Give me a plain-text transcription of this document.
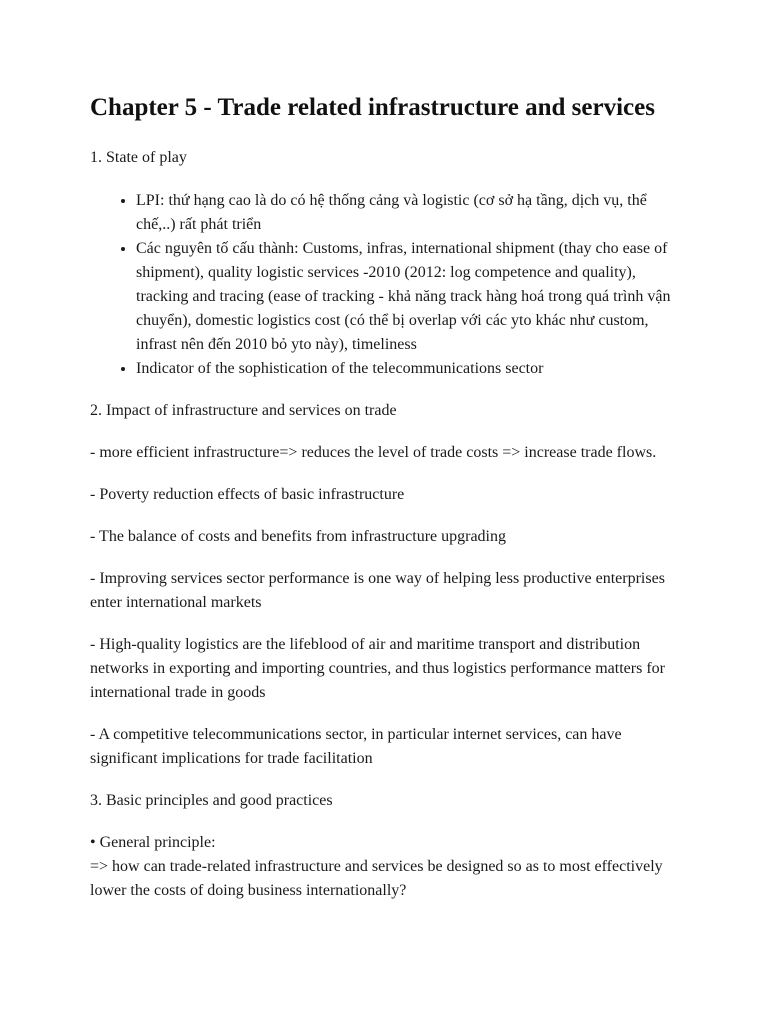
Chapter 5 - Trade related infrastructure and services

1. State of play

• LPI: thứ hạng cao là do có hệ thống cảng và logistic (cơ sở hạ tầng, dịch vụ, thể chế,..) rất phát triển
• Các nguyên tố cấu thành: Customs, infras, international shipment (thay cho ease of shipment), quality logistic services -2010 (2012: log competence and quality), tracking and tracing (ease of tracking - khả năng track hàng hoá trong quá trình vận chuyển), domestic logistics cost (có thể bị overlap với các yto khác như custom, infrast nên đến 2010 bỏ yto này), timeliness
• Indicator of the sophistication of the telecommunications sector

2. Impact of infrastructure and services on trade

- more efficient infrastructure=> reduces the level of trade costs => increase trade flows.

- Poverty reduction effects of basic infrastructure

- The balance of costs and benefits from infrastructure upgrading

- Improving services sector performance is one way of helping less productive enterprises enter international markets

- High-quality logistics are the lifeblood of air and maritime transport and distribution networks in exporting and importing countries, and thus logistics performance matters for international trade in goods

- A competitive telecommunications sector, in particular internet services, can have significant implications for trade facilitation

3. Basic principles and good practices

• General principle:
=> how can trade-related infrastructure and services be designed so as to most effectively lower the costs of doing business internationally?
